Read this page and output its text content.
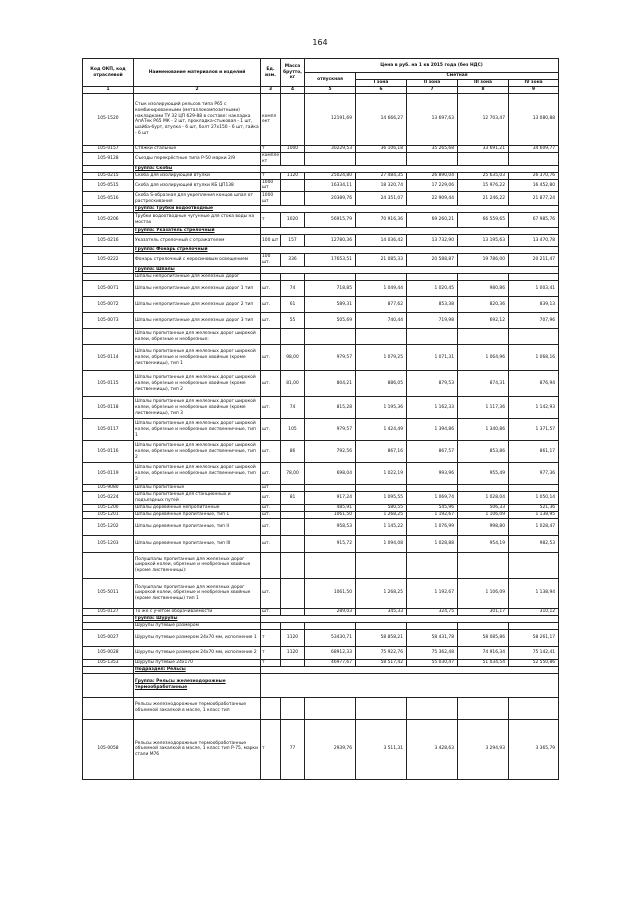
164
Код ОКП, код отраслевой	Наименование материалов и изделий	Ед. изм.	Масса брутто, кг	Цена в руб. на 1 кв 2015 года (без НДС)				
				отпускная	Сметная			
					I зона	II зона	III зона	IV зона
1	2	3	4	5	6	7	8	9
105-1520	Стык изолирующий рельсов типа Р65 с комбинированными (металлокомпозитными) накладками ТУ 32 ЦП 629-88 в составе: накладка АпАТек Р65 МК - 2 шт, прокладка-стыковая - 1 шт, шайба-бурт, втулка - 6 шт, болт 27х150 - 6 шт, гайка - 6 шт	компл ект		12191,69	14 666,27	13 697,63	12 703,47	13 080,88
105-0157	Стяжки стальные	т	1000	30229,53	36 106,18	35 265,68	33 691,21	34 609,77
105-9128	Съезды перекрёстные типа Р-50 марки 2/9	компле кт						
	Группа: Скобы							
105-0215	Скоба для изолирующей втулки	т	1120	25024,80	27 484,35	26 890,04	25 635,03	26 370,76
105-0515	Скоба для изолирующей втулки КБ ЦП138	1000 шт		16334,11	18 320,74	17 229,06	15 976,22	16 452,80
105-0516	Скоба S-образная для укрепления концов шпал от растрескивания	1000 шт		20389,76	24 351,07	22 909,44	21 246,22	21 877,24
	Группа: Трубки водоотводные							
105-0206	Трубки водоотводные чугунные для стока воды на мостах	т	1020	56915,79	70 916,36	69 260,21	66 559,65	67 985,76
	Группа: Указатель стрелочный							
105-0216	Указатель стрелочный с отражателем	100 шт	157	12780,36	14 036,42	13 732,90	13 195,63	13 470,78
	Группа: Фонарь стрелочный							
105-0222	Фонарь стрелочный с керосиновым освещением	100 шт.	336	17653,51	21 085,33	20 588,87	19 786,00	20 211,47
	Группа: Шпалы							
	Шпалы непропитанные для железных дорог							
105-0071	Шпалы непропитанные для железных дорог 1 тип	шт.	74	718,85	1 049,44	1 020,45	980,86	1 003,41
105-0072	Шпалы непропитанные для железных дорог 2 тип	шт.	61	589,31	877,62	853,38	820,36	839,13
105-0073	Шпалы непропитанные для железных дорог 3 тип	шт.	55	505,69	740,44	719,98	692,12	707,96
	Шпалы пропитанные для железных дорог широкой колеи, обрезные и необрезные:							
105-0114	Шпалы пропитанные для железных дорог широкой колеи, обрезные и необрезные хвойные (кроме лиственницы), тип 1	шт.	98,00	979,57	1 079,25	1 071,31	1 064,96	1 068,16
105-0115	Шпалы пропитанные для железных дорог широкой колеи, обрезные и необрезные хвойные (кроме лиственницы), тип 2	шт.	81,00	804,21	886,05	879,53	874,31	876,94
105-0118	Шпалы пропитанные для железных дорог широкой колеи, обрезные и необрезные хвойные (кроме лиственницы), тип 3	шт.	74	815,28	1 195,36	1 162,33	1 117,36	1 142,93
105-0117	Шпалы пропитанные для железных дорог широкой колеи, обрезные и необрезные лиственничные, тип 1	шт.	105	979,57	1 424,49	1 394,86	1 340,86	1 371,57
105-0116	Шпалы пропитанные для железных дорог широкой колеи, обрезные и необрезные лиственничные, тип 2	шт.	86	792,56	867,16	867,57	853,86	861,17
105-0119	Шпалы пропитанные для железных дорог широкой колеи, обрезные и необрезные лиственничные, тип 3	шт.	78,00	698,04	1 022,19	993,96	955,49	977,36
105-9080	Шпалы пропитанные	шт						
105-0224	Шпалы пропитанные для станционных и подъездных путей	шт.	81	917,24	1 095,55	1 069,74	1 028,04	1 050,14
105-1200	Шпалы деревянные непропитанные	шт.		485,91	580,55	545,96	506,33	521,36
105-1201	Шпалы деревянные пропитанные, тип 1	шт.		1061,50	1 268,25	1 192,67	1 106,09	1 138,95
105-1202	Шпалы деревянные пропитанные, тип II	шт.		958,53	1 145,22	1 076,99	998,80	1 028,47
105-1203	Шпалы деревянные пропитанные, тип III	шт.		915,72	1 094,08	1 028,88	954,19	982,53
	Полушпалы пропитанные для железных дорог широкой колеи, обрезные и необрезные хвойные (кроме лиственницы):							
105-5011	Полушпалы пропитанные для железных дорог широкой колеи, обрезные и необрезные хвойные (кроме лиственницы) тип 1	шт.		1061,50	1 268,25	1 192,67	1 106,09	1 138,94
105-0127	То же с учетом оборачиваемости	шт.		289,03	345,33	324,75	301,17	310,12
	Группа: Шурупы							
	Шурупы путевые размером							
105-0027	Шурупы путевые размером 24х70 мм, исполнение 1	т	1120	53430,71	58 858,21	58 431,78	58 085,86	58 261,17
105-0028	Шурупы путевые размером 24х70 мм, исполнение 2	т	1120	68912,33	75 922,76	75 362,48	74 916,34	75 142,41
105-1353	Шурупы путевые 24х170	т		46977,67	58 517,42	55 030,47	51 034,54	52 550,86
	Подраздел: Рельсы							
	Группа: Рельсы железнодорожные термообработанные							
	Рельсы железнодорожные термообработанные объемной закалкой в масле, 1 класс тип							
105-0058	Рельсы железнодорожные термообработанные объемной закалкой в масле, 1 класс тип Р-75, марки стали М76	т	77	2939,76	3 511,31	3 428,63	3 294,93	3 365,79
